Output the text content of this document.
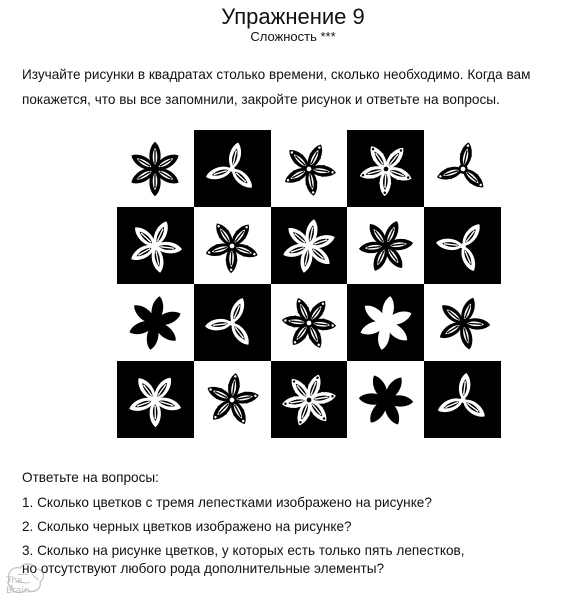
Упражнение 9
Сложность ***
Изучайте рисунки в квадратах столько времени, сколько необходимо. Когда вам
покажется, что вы все запомнили, закройте рисунок и ответьте на вопросы.
Ответьте на вопросы:
1. Сколько цветков с тремя лепестками изображено на рисунке?
2. Сколько черных цветков изображено на рисунке?
3. Сколько на рисунке цветков, у которых есть только пять лепестков,
но отсутствуют любого рода дополнительные элементы?
The Brain
